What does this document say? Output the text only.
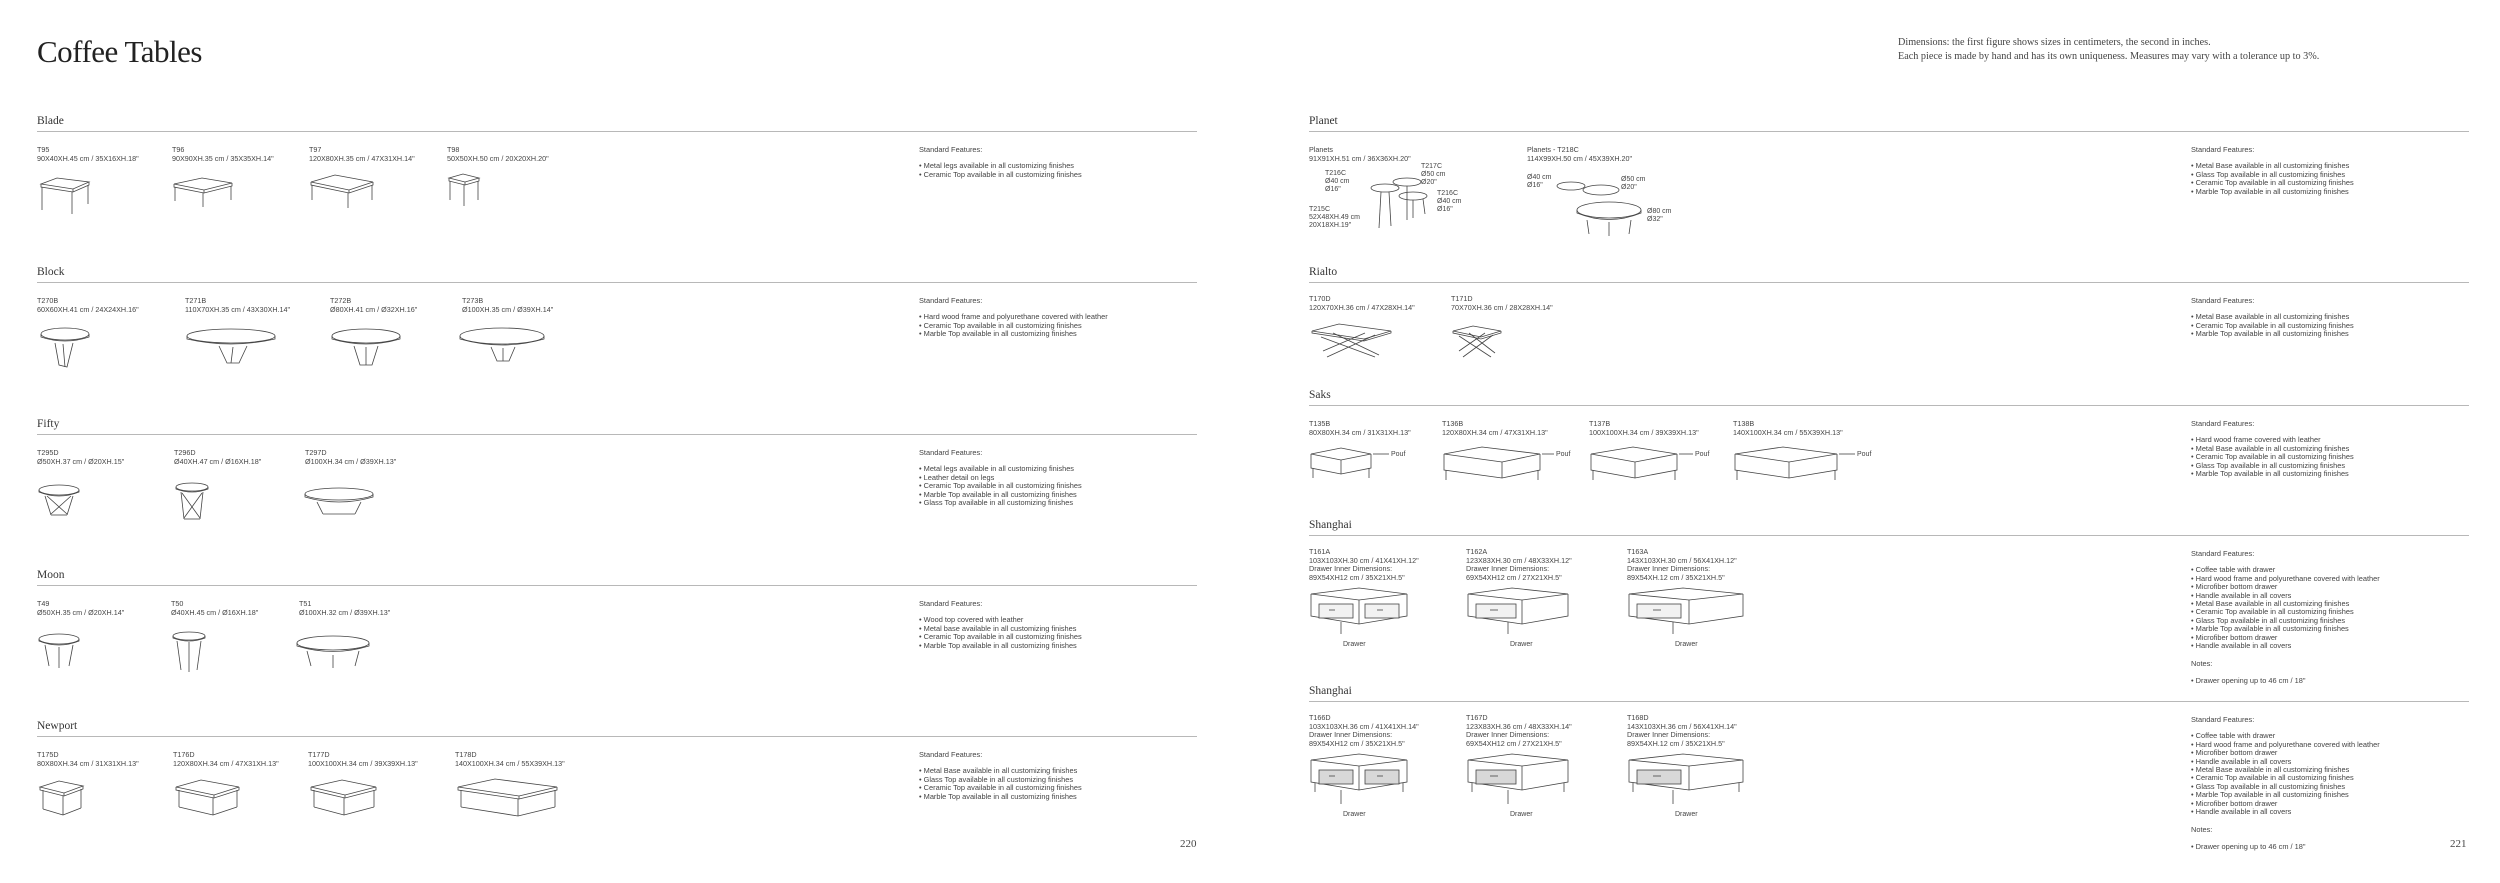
Coffee Tables	Dimensions: the first figure shows sizes in centimeters, the second in inches.
Each piece is made by hand and has its own uniqueness. Measures may vary with a tolerance up to 3%.
Blade
T95
90X40XH.45 cm / 35X16XH.18"
T96
90X90XH.35 cm / 35X35XH.14"
T97
120X80XH.35 cm / 47X31XH.14"
T98
50X50XH.50 cm / 20X20XH.20"
Standard Features:
• Metal legs available in all customizing finishes
• Ceramic Top available in all customizing finishes
Block
T270B
60X60XH.41 cm / 24X24XH.16"
T271B
110X70XH.35 cm / 43X30XH.14"
T272B
Ø80XH.41 cm / Ø32XH.16"
T273B
Ø100XH.35 cm / Ø39XH.14"
Standard Features:
• Hard wood frame and polyurethane covered with leather
• Ceramic Top available in all customizing finishes
• Marble Top available in all customizing finishes
Fifty
T295D
Ø50XH.37 cm / Ø20XH.15"
T296D
Ø40XH.47 cm / Ø16XH.18"
T297D
Ø100XH.34 cm / Ø39XH.13"
Standard Features:
• Metal legs available in all customizing finishes
• Leather detail on legs
• Ceramic Top available in all customizing finishes
• Marble Top available in all customizing finishes
• Glass Top available in all customizing finishes
Moon
T49
Ø50XH.35 cm / Ø20XH.14"
T50
Ø40XH.45 cm / Ø16XH.18"
T51
Ø100XH.32 cm / Ø39XH.13"
Standard Features:
• Wood top covered with leather
• Metal base available in all customizing finishes
• Ceramic Top available in all customizing finishes
• Marble Top available in all customizing finishes
Newport
T175D
80X80XH.34 cm / 31X31XH.13"
T176D
120X80XH.34 cm / 47X31XH.13"
T177D
100X100XH.34 cm / 39X39XH.13"
T178D
140X100XH.34 cm / 55X39XH.13"
Standard Features:
• Metal Base available in all customizing finishes
• Glass Top available in all customizing finishes
• Ceramic Top available in all customizing finishes
• Marble Top available in all customizing finishes
220
Planet
Planets
91X91XH.51 cm / 36X36XH.20"
T216C
Ø40 cm
Ø16"
T217C
Ø50 cm
Ø20"
T216C
Ø40 cm
Ø16"
T215C
52X48XH.49 cm
20X18XH.19"
Planets - T218C
114X99XH.50 cm / 45X39XH.20"
Ø40 cm
Ø16"
Ø50 cm
Ø20"
Ø80 cm
Ø32"
Standard Features:
• Metal Base available in all customizing finishes
• Glass Top available in all customizing finishes
• Ceramic Top available in all customizing finishes
• Marble Top available in all customizing finishes
Rialto
T170D
120X70XH.36 cm / 47X28XH.14"
T171D
70X70XH.36 cm / 28X28XH.14"
Standard Features:
• Metal Base available in all customizing finishes
• Ceramic Top available in all customizing finishes
• Marble Top available in all customizing finishes
Saks
T135B
80X80XH.34 cm / 31X31XH.13"
Pouf
T136B
120X80XH.34 cm / 47X31XH.13"
Pouf
T137B
100X100XH.34 cm / 39X39XH.13"
Pouf
T138B
140X100XH.34 cm / 55X39XH.13"
Pouf
Standard Features:
• Hard wood frame covered with leather
• Metal Base available in all customizing finishes
• Ceramic Top available in all customizing finishes
• Glass Top available in all customizing finishes
• Marble Top available in all customizing finishes
Shanghai
T161A
103X103XH.30 cm / 41X41XH.12"
Drawer Inner Dimensions:
89X54XH12 cm / 35X21XH.5"
Drawer
T162A
123X83XH.30 cm / 48X33XH.12"
Drawer Inner Dimensions:
69X54XH12 cm / 27X21XH.5"
Drawer
T163A
143X103XH.30 cm / 56X41XH.12"
Drawer Inner Dimensions:
89X54XH.12 cm / 35X21XH.5"
Drawer
Standard Features:
• Coffee table with drawer
• Hard wood frame and polyurethane covered with leather
• Microfiber bottom drawer
• Handle available in all covers
• Metal Base available in all customizing finishes
• Ceramic Top available in all customizing finishes
• Glass Top available in all customizing finishes
• Marble Top available in all customizing finishes
• Microfiber bottom drawer
• Handle available in all covers
Notes:
• Drawer opening up to 46 cm / 18"
Shanghai
T166D
103X103XH.36 cm / 41X41XH.14"
Drawer Inner Dimensions:
89X54XH12 cm / 35X21XH.5"
Drawer
T167D
123X83XH.36 cm / 48X33XH.14"
Drawer Inner Dimensions:
69X54XH12 cm / 27X21XH.5"
Drawer
T168D
143X103XH.36 cm / 56X41XH.14"
Drawer Inner Dimensions:
89X54XH.12 cm / 35X21XH.5"
Drawer
Standard Features:
• Coffee table with drawer
• Hard wood frame and polyurethane covered with leather
• Microfiber bottom drawer
• Handle available in all covers
• Metal Base available in all customizing finishes
• Ceramic Top available in all customizing finishes
• Glass Top available in all customizing finishes
• Marble Top available in all customizing finishes
• Microfiber bottom drawer
• Handle available in all covers
Notes:
• Drawer opening up to 46 cm / 18"	221
